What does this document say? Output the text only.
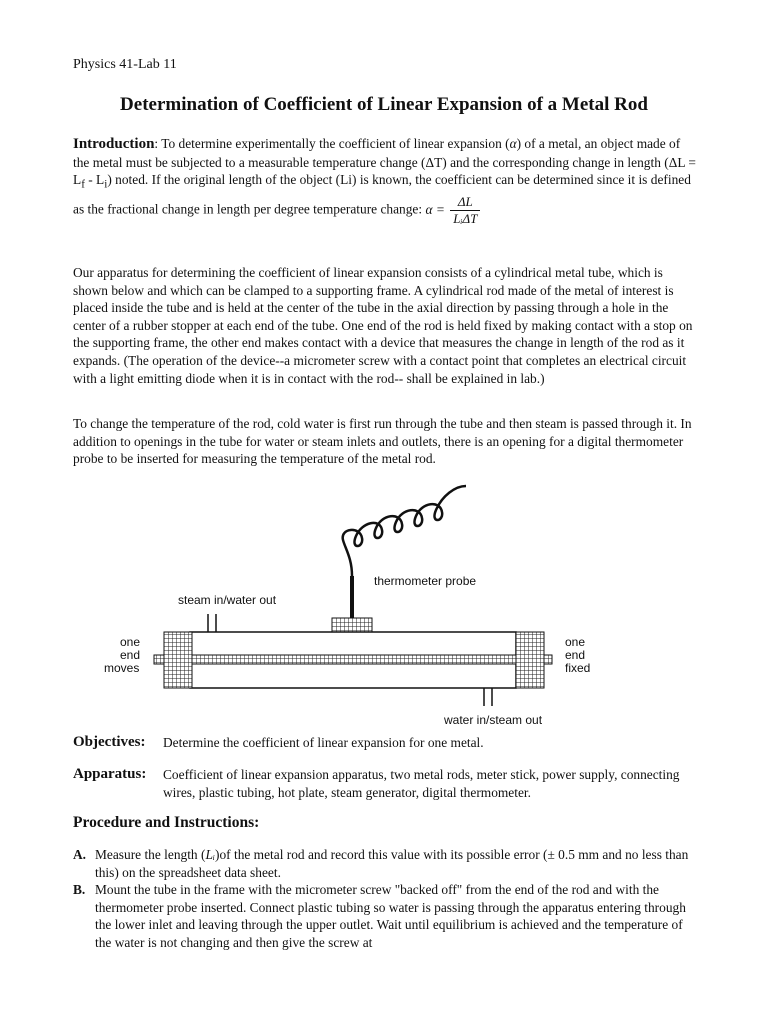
Physics 41-Lab 11
Determination of Coefficient of Linear Expansion of a Metal Rod
Introduction: To determine experimentally the coefficient of linear expansion (α) of a metal, an object made of the metal must be subjected to a measurable temperature change (ΔT) and the corresponding change in length $(\Delta L = L_f - L_i)$ noted. If the original length of the object (Li) is known, the coefficient can be determined since it is defined as the fractional change in length per degree temperature change: $\alpha = \frac{\Delta L}{\text{LᵢΔT}}$
Our apparatus for determining the coefficient of linear expansion consists of a cylindrical metal tube, which is shown below and which can be clamped to a supporting frame. A cylindrical rod made of the metal of interest is placed inside the tube and is held at the center of the tube in the axial direction by passing through a hole in the center of a rubber stopper at each end of the tube. One end of the rod is held fixed by making contact with a stop on the supporting frame, the other end makes contact with a device that measures the change in length of the rod as it expands. (The operation of the device--a micrometer screw with a contact point that completes an electrical circuit with a light emitting diode when it is in contact with the rod-- shall be explained in lab.)
To change the temperature of the rod, cold water is first run through the tube and then steam is passed through it. In addition to openings in the tube for water or steam inlets and outlets, there is an opening for a digital thermometer probe to be inserted for measuring the temperature of the metal rod.
thermometer probe
steam in/water out
water in/steam out
one
end
moves
one
end
fixed
Objectives: Determine the coefficient of linear expansion for one metal.
Apparatus: Coefficient of linear expansion apparatus, two metal rods, meter stick, power supply, connecting wires, plastic tubing, hot plate, steam generator, digital thermometer.
Procedure and Instructions:
A. Measure the length (Lᵢ)of the metal rod and record this value with its possible error (± 0.5 mm and no less than this) on the spreadsheet data sheet.
B. Mount the tube in the frame with the micrometer screw "backed off" from the end of the rod and with the thermometer probe inserted. Connect plastic tubing so water is passing through the apparatus entering through the lower inlet and leaving through the upper outlet. Wait until equilibrium is achieved and the temperature of the water is not changing and then give the screw at
